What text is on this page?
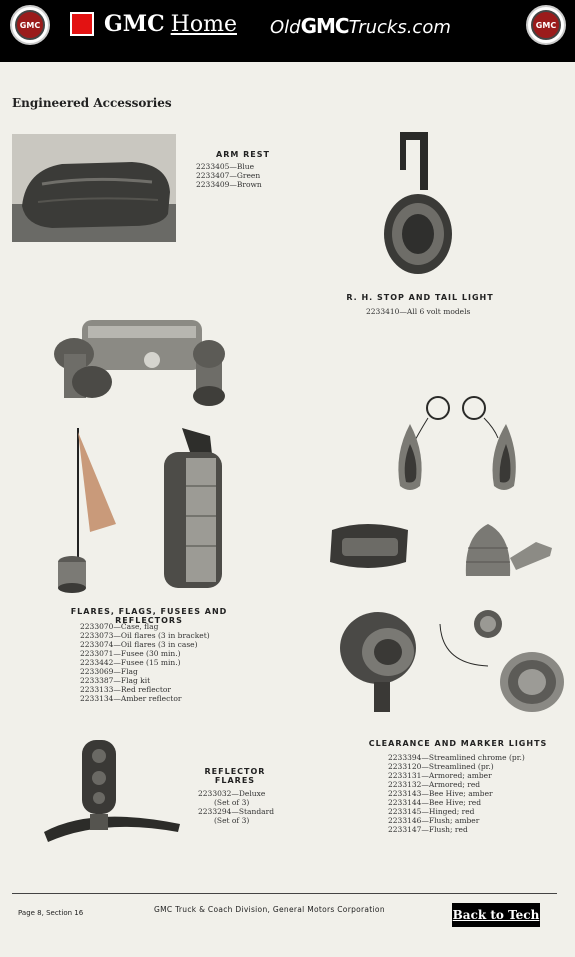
GMC	GMC Home OldGMCTrucks.com	GMC
Engineered Accessories
ARM REST
2233405—Blue
2233407—Green
2233409—Brown
R. H. STOP AND TAIL LIGHT
2233410—All 6 volt models
FLARES, FLAGS, FUSEES AND REFLECTORS
2233070—Case, flag
2233073—Oil flares (3 in bracket)
2233074—Oil flares (3 in case)
2233071—Fusee (30 min.)
2233442—Fusee (15 min.)
2233069—Flag
2233387—Flag kit
2233133—Red reflector
2233134—Amber reflector
REFLECTOR
FLARES
2233032—Deluxe
(Set of 3)
2233294—Standard
(Set of 3)
CLEARANCE AND MARKER LIGHTS
2233394—Streamlined chrome (pr.)
2233120—Streamlined (pr.)
2233131—Armored; amber
2233132—Armored; red
2233143—Bee Hive; amber
2233144—Bee Hive; red
2233145—Hinged; red
2233146—Flush; amber
2233147—Flush; red
Page 8, Section 16	GMC Truck & Coach Division, General Motors Corporation	Back to Tech
